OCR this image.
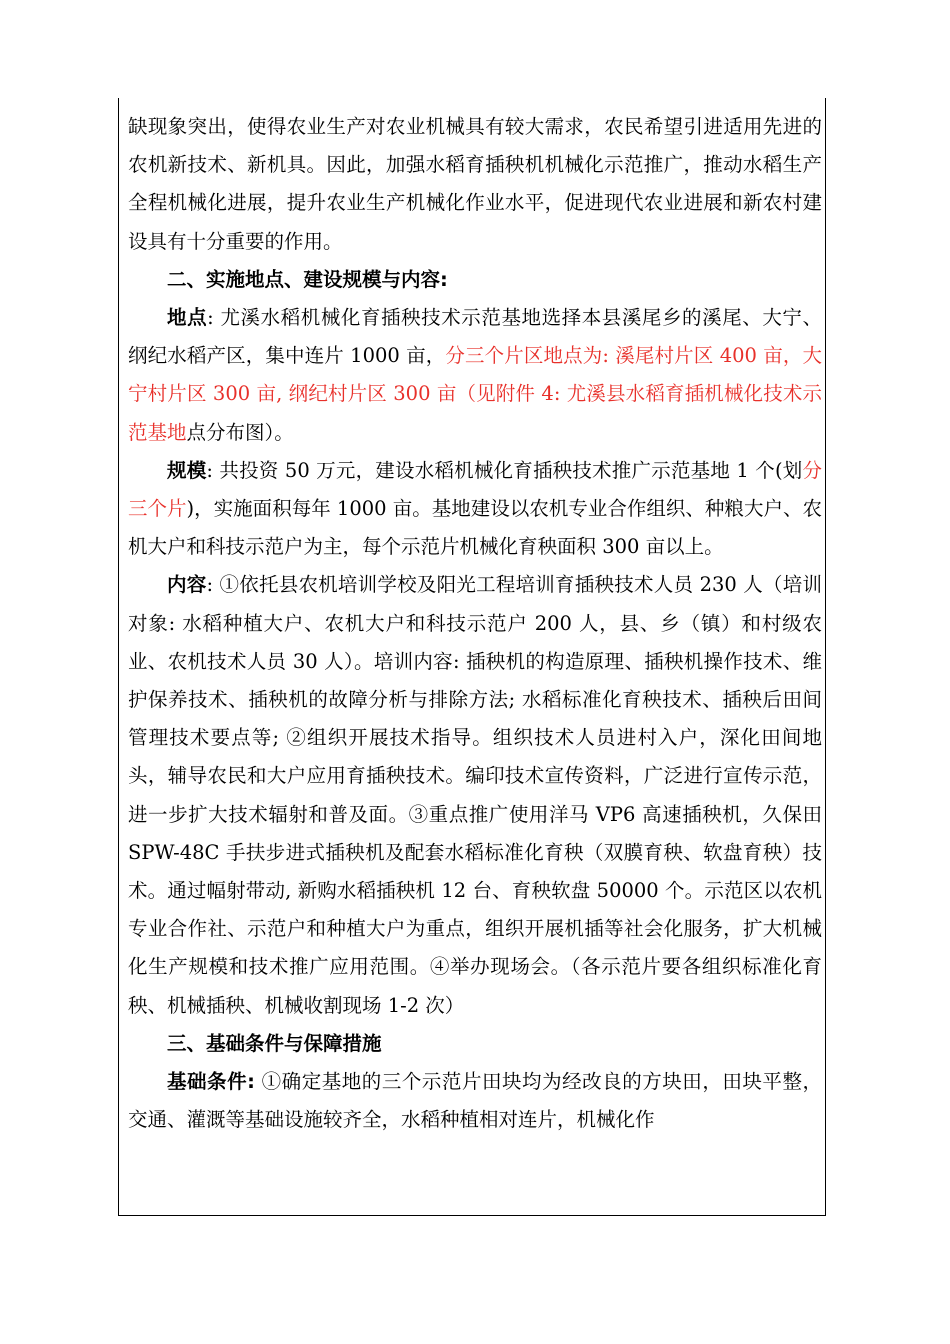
缺现象突出，使得农业生产对农业机械具有较大需求，农民希望引进适用先进的农机新技术、新机具。因此，加强水稻育插秧机机械化示范推广，推动水稻生产全程机械化进展，提升农业生产机械化作业水平，促进现代农业进展和新农村建设具有十分重要的作用。

二、实施地点、建设规模与内容:

地点: 尤溪水稻机械化育插秧技术示范基地选择本县溪尾乡的溪尾、大宁、纲纪水稻产区，集中连片 1000 亩，分三个片区地点为: 溪尾村片区 400 亩，大宁村片区 300 亩, 纲纪村片区 300 亩（见附件 4: 尤溪县水稻育插机械化技术示范基地点分布图）。

规模: 共投资 50 万元，建设水稻机械化育插秧技术推广示范基地 1 个(划分三个片)，实施面积每年 1000 亩。基地建设以农机专业合作组织、种粮大户、农机大户和科技示范户为主，每个示范片机械化育秧面积 300 亩以上。

内容: ①依托县农机培训学校及阳光工程培训育插秧技术人员 230 人（培训对象: 水稻种植大户、农机大户和科技示范户 200 人，县、乡（镇）和村级农业、农机技术人员 30 人）。培训内容: 插秧机的构造原理、插秧机操作技术、维护保养技术、插秧机的故障分析与排除方法; 水稻标准化育秧技术、插秧后田间管理技术要点等; ②组织开展技术指导。组织技术人员进村入户，深化田间地头，辅导农民和大户应用育插秧技术。编印技术宣传资料，广泛进行宣传示范，进一步扩大技术辐射和普及面。③重点推广使用洋马 VP6 高速插秧机，久保田 SPW-48C 手扶步进式插秧机及配套水稻标准化育秧（双膜育秧、软盘育秧）技术。通过幅射带动, 新购水稻插秧机 12 台、育秧软盘 50000 个。示范区以农机专业合作社、示范户和种植大户为重点，组织开展机插等社会化服务，扩大机械化生产规模和技术推广应用范围。④举办现场会。（各示范片要各组织标准化育秧、机械插秧、机械收割现场 1-2 次）

三、基础条件与保障措施

基础条件: ①确定基地的三个示范片田块均为经改良的方块田，田块平整，交通、灌溉等基础设施较齐全，水稻种植相对连片，机械化作
